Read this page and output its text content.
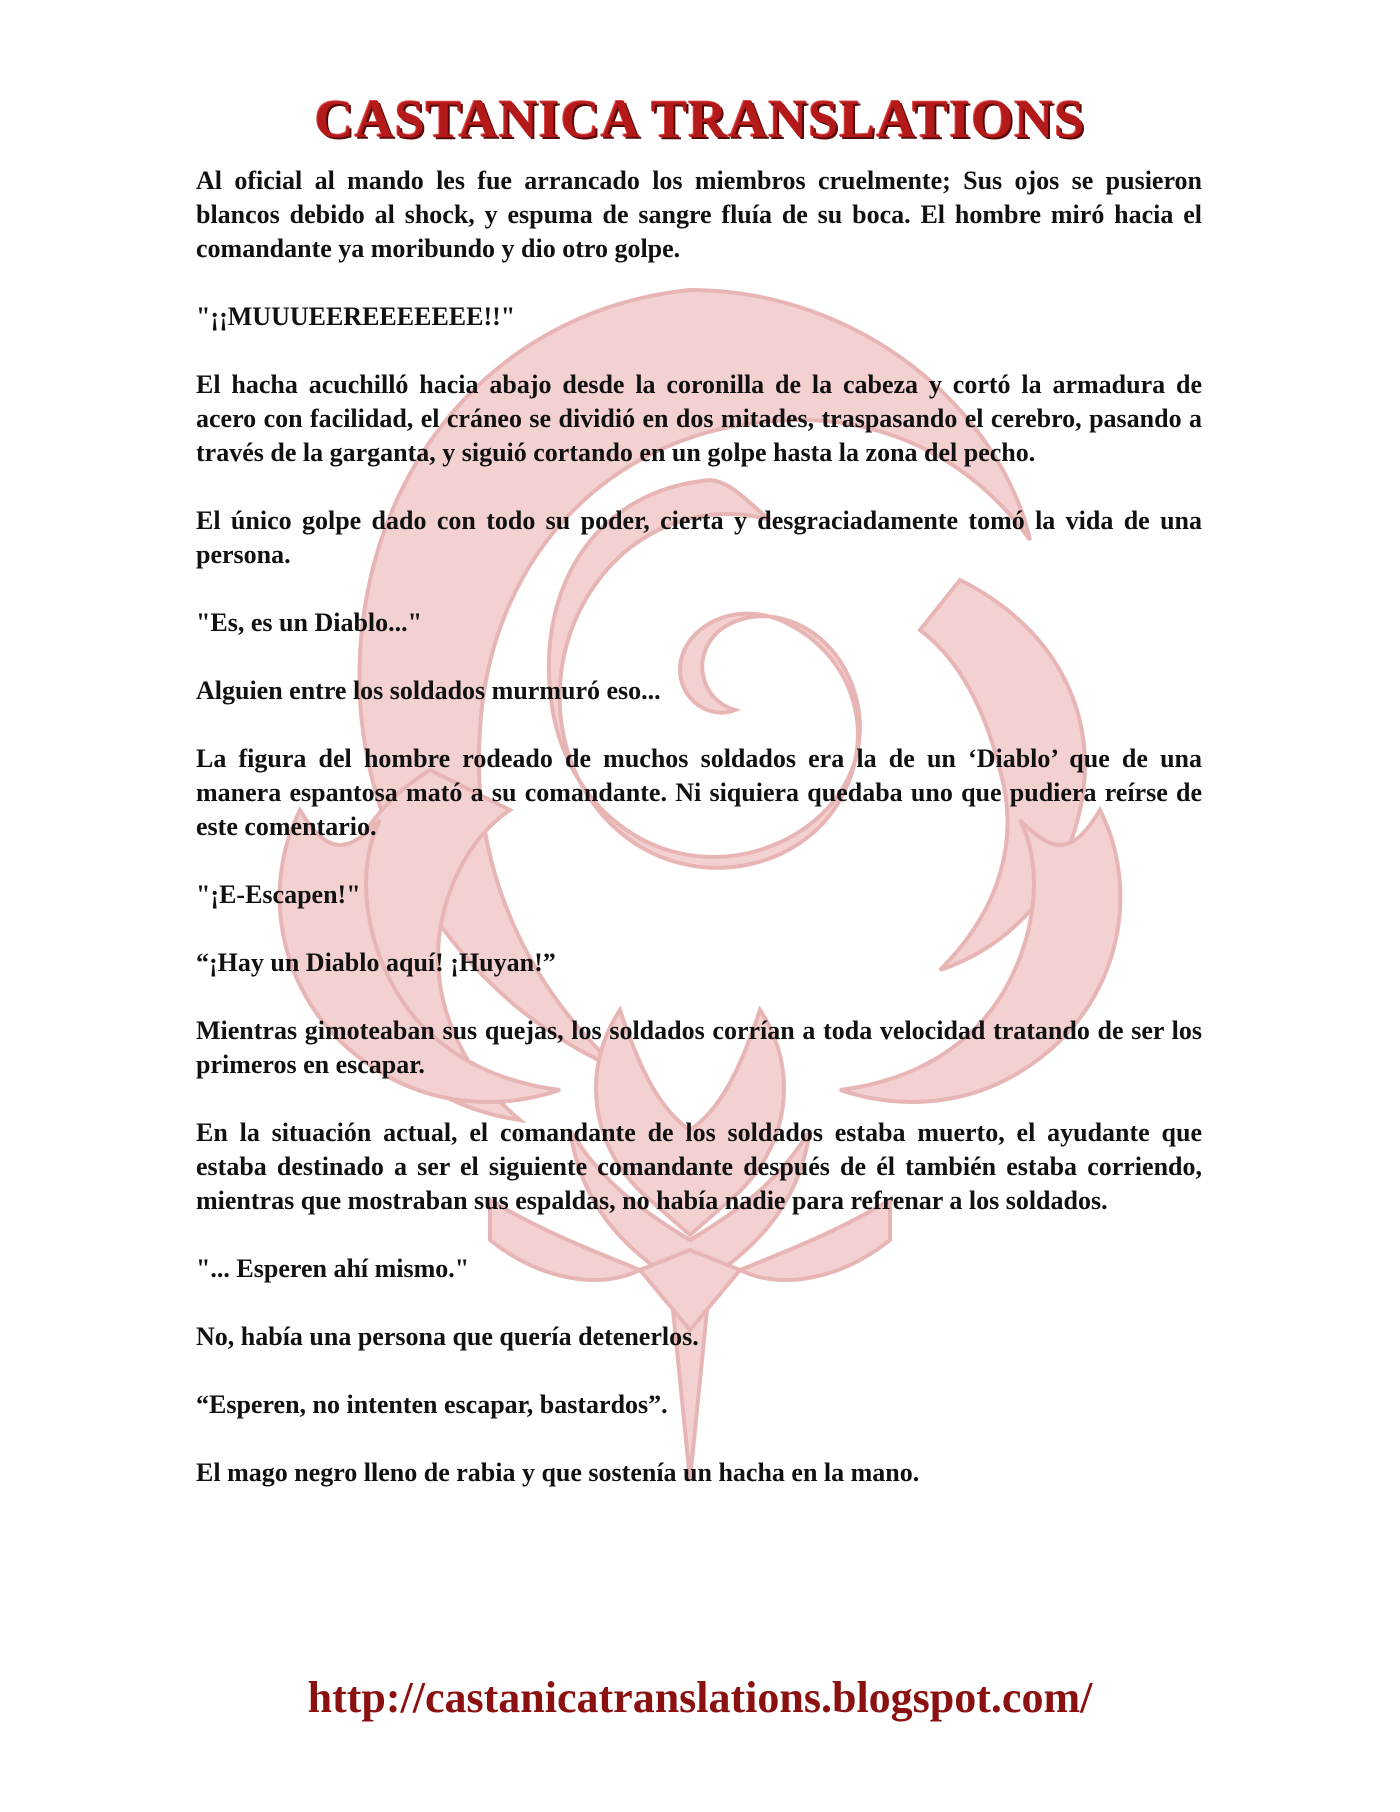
CASTANICA TRANSLATIONS

Al oficial al mando les fue arrancado los miembros cruelmente; Sus ojos se pusieron blancos debido al shock, y espuma de sangre fluía de su boca. El hombre miró hacia el comandante ya moribundo y dio otro golpe.

"¡¡MUUUEEREEEEEEE!!"

El hacha acuchilló hacia abajo desde la coronilla de la cabeza y cortó la armadura de acero con facilidad, el cráneo se dividió en dos mitades, traspasando el cerebro, pasando a través de la garganta, y siguió cortando en un golpe hasta la zona del pecho.

El único golpe dado con todo su poder, cierta y desgraciadamente tomó la vida de una persona.

"Es, es un Diablo..."

Alguien entre los soldados murmuró eso...

La figura del hombre rodeado de muchos soldados era la de un ‘Diablo’ que de una manera espantosa mató a su comandante. Ni siquiera quedaba uno que pudiera reírse de este comentario.

"¡E-Escapen!"

“¡Hay un Diablo aquí! ¡Huyan!”

Mientras gimoteaban sus quejas, los soldados corrían a toda velocidad tratando de ser los primeros en escapar.

En la situación actual, el comandante de los soldados estaba muerto, el ayudante que estaba destinado a ser el siguiente comandante después de él también estaba corriendo, mientras que mostraban sus espaldas, no había nadie para refrenar a los soldados.

"... Esperen ahí mismo."

No, había una persona que quería detenerlos.

“Esperen, no intenten escapar, bastardos”.

El mago negro lleno de rabia y que sostenía un hacha en la mano.

http://castanicatranslations.blogspot.com/
